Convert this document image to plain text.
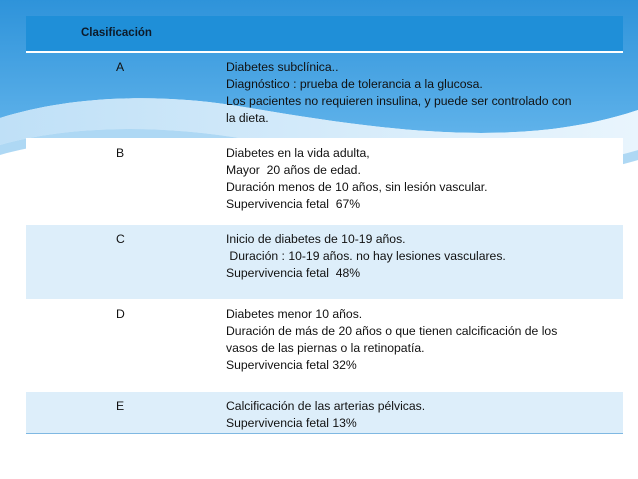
Clasificación
A	Diabetes subclínica..
Diagnóstico : prueba de tolerancia a la glucosa.
Los pacientes no requieren insulina, y puede ser controlado con
la dieta.
B	Diabetes en la vida adulta,
Mayor  20 años de edad.
Duración menos de 10 años, sin lesión vascular.
Supervivencia fetal  67%
C	Inicio de diabetes de 10-19 años.
Duración : 10-19 años. no hay lesiones vasculares.
Supervivencia fetal  48%
D	Diabetes menor 10 años.
Duración de más de 20 años o que tienen calcificación de los
vasos de las piernas o la retinopatía.
Supervivencia fetal 32%
E	Calcificación de las arterias pélvicas.
Supervivencia fetal 13%
